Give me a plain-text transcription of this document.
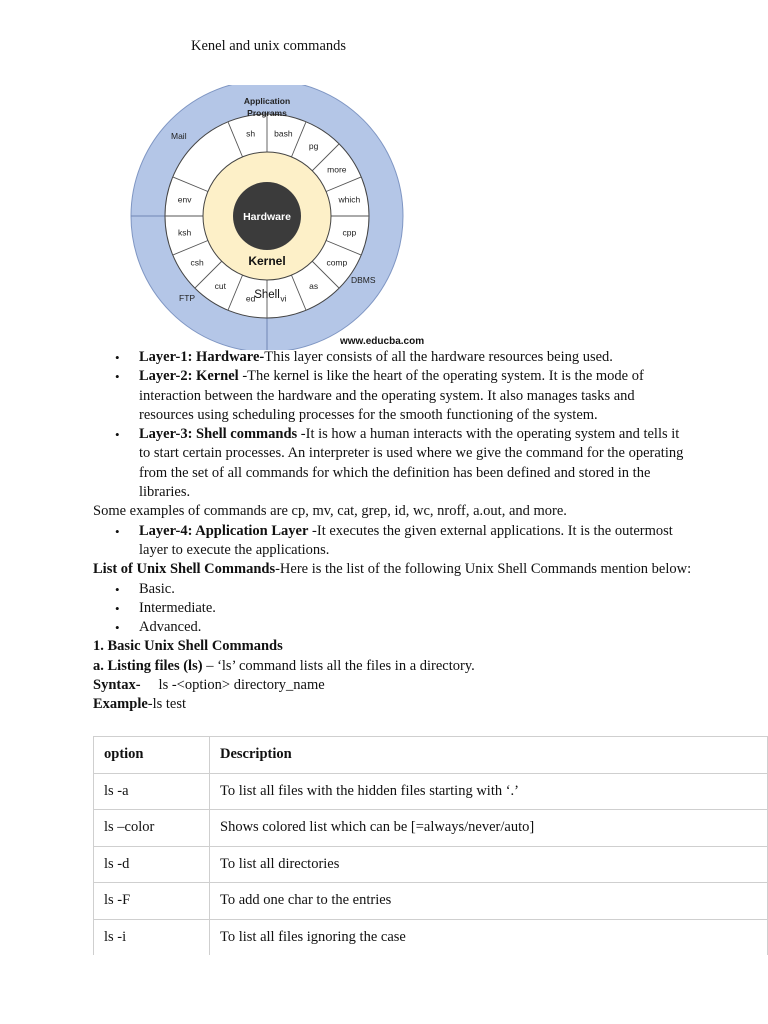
Kenel and unix commands
Hardware
Kernel
Shell
sh bash
pg
more
which
cpp
comp
as
vi
ed
cut
csh
ksh
env
Application
Programs
Mail
FTP
DBMS
www.educba.com
• Layer-1: Hardware-This layer consists of all the hardware resources being used.
• Layer-2: Kernel -The kernel is like the heart of the operating system. It is the mode of interaction between the hardware and the operating system. It also manages tasks and resources using scheduling processes for the smooth functioning of the system.
• Layer-3: Shell commands -It is how a human interacts with the operating system and tells it to start certain processes. An interpreter is used where we give the command for the operating from the set of all commands for which the definition has been defined and stored in the libraries.

Some examples of commands are cp, mv, cat, grep, id, wc, nroff, a.out, and more.

• Layer-4: Application Layer -It executes the given external applications. It is the outermost layer to execute the applications.

List of Unix Shell Commands-Here is the list of the following Unix Shell Commands mention below:

• Basic.
• Intermediate.
• Advanced.

1. Basic Unix Shell Commands

a. Listing files (ls) – ‘ls’ command lists all the files in a directory.

Syntax- ls -<option> directory_name

Example-ls test

option	Description
ls -a	To list all files with the hidden files starting with ‘.’
ls –color	Shows colored list which can be [=always/never/auto]
ls -d	To list all directories
ls -F	To add one char to the entries
ls -i	To list all files ignoring the case
